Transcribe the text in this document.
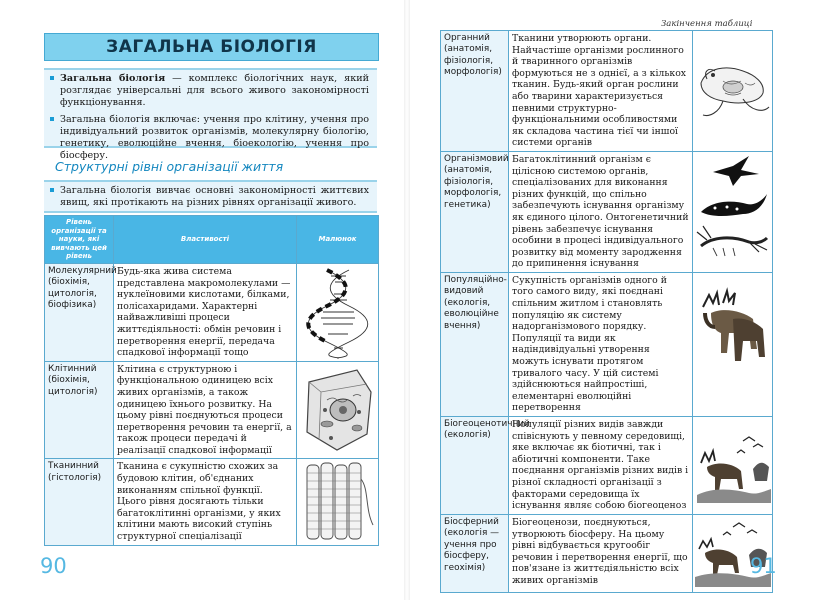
ЗАГАЛЬНА БІОЛОГІЯ

Загальна біологія — комплекс біологічних наук, який розглядає універсальні для всього живого закономірності функціонування.

Загальна біологія включає: учення про клітину, учення про індивідуальний розвиток організмів, молекулярну біологію, генетику, еволюційне вчення, біоекологію, учення про біосферу.

Структурні рівні організації життя

Загальна біологія вивчає основні закономірності життєвих явищ, які протікають на різних рівнях організації живого.

Рівень організації та науки, які вивчають цей рівень	Властивості	Малюнок
Молекулярний (біохімія, цитологія, біофізика)	Будь-яка жива система представлена макромолекулами — нуклеїновими кислотами, білками, полісахаридами. Характерні найважливіші процеси життєдіяльності: обмін речовин і перетворення енергії, передача спадкової інформації тощо	

Клітинний (біохімія, цитологія)	Клітина є структурною і функціональною одиницею всіх живих організмів, а також одиницею їхнього розвитку. На цьому рівні поєднуються процеси перетворення речовин та енергії, а також процеси передачі й реалізації спадкової інформації	

Тканинний (гістологія)	Тканина є сукупністю схожих за будовою клітин, об'єднаних виконанням спільної функції. Цього рівня досягають тільки багатоклітинні організми, у яких клітини мають високий ступінь структурної спеціалізації	
90
Закінчення таблиці
Органний (анатомія, фізіологія, морфологія)	Тканини утворюють органи. Найчастіше організми рослинного й тваринного організмів формуються не з однієї, а з кількох тканин. Будь-який орган рослини або тварини характеризується певними структурно-функціональними особливостями як складова частина тієї чи іншої системи органів	

Організмовий (анатомія, фізіологія, морфологія, генетика)	Багатоклітинний організм є цілісною системою органів, спеціалізованих для виконання різних функцій, що спільно забезпечують існування організму як єдиного цілого. Онтогенетичний рівень забезпечує існування особини в процесі індивідуального розвитку від моменту зародження до припинення існування	

Популяційно-видовий (екологія, еволюційне вчення)	Сукупність організмів одного й того самого виду, які поєднані спільним житлом і становлять популяцію як систему надорганізмового порядку. Популяції та види як надіндивідуальні утворення можуть існувати протягом тривалого часу. У цій системі здійснюються найпростіші, елементарні еволюційні перетворення	

Біогеоценотичний (екологія)	Популяції різних видів завжди співіснують у певному середовищі, яке включає як біотичні, так і абіотичні компоненти. Таке поєднання організмів різних видів і різної складності організації з факторами середовища їх існування являє собою біогеоценоз	

Біосферний (екологія — учення про біосферу, геохімія)	Біогеоценози, поєднуються, утворюють біосферу. На цьому рівні відбувається кругообіг речовин і перетворення енергії, що пов'язане із життєдіяльністю всіх живих організмів	
91
